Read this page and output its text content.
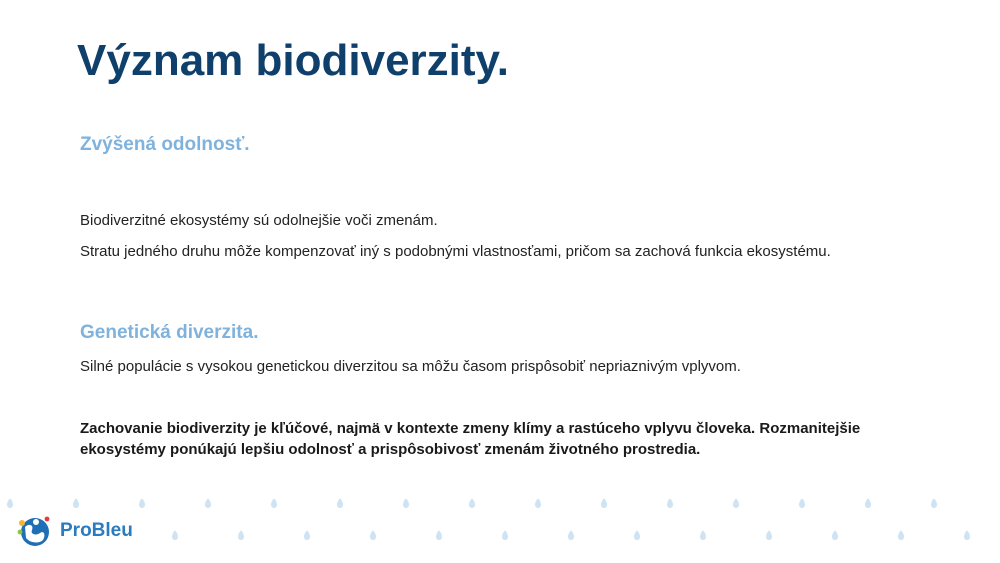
Význam biodiverzity.
Zvýšená odolnosť.

Biodiverzitné ekosystémy sú odolnejšie voči zmenám.

Stratu jedného druhu môže kompenzovať iný s podobnými vlastnosťami, pričom sa zachová funkcia ekosystému.

Genetická diverzita.

Silné populácie s vysokou genetickou diverzitou sa môžu časom prispôsobiť nepriaznivým vplyvom.

Zachovanie biodiverzity je kľúčové, najmä v kontexte zmeny klímy a rastúceho vplyvu človeka. Rozmanitejšie ekosystémy ponúkajú lepšiu odolnosť a prispôsobivosť zmenám životného prostredia.

ProBleu
